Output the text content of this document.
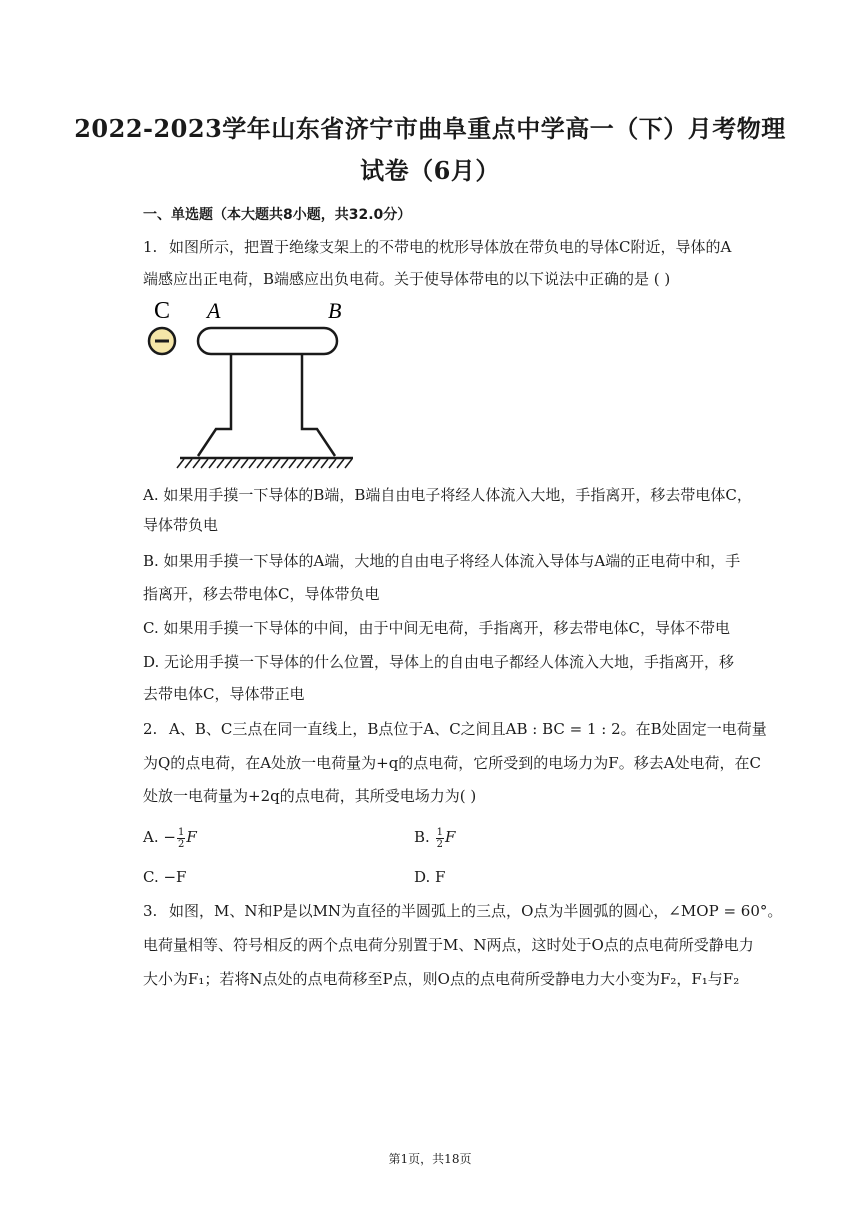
2022-2023学年山东省济宁市曲阜重点中学高一（下）月考物理
试卷（6月）
一、单选题（本大题共8小题，共32.0分）
1. 如图所示，把置于绝缘支架上的不带电的枕形导体放在带负电的导体C附近，导体的A
端感应出正电荷，B端感应出负电荷。关于使导体带电的以下说法中正确的是 ( )
C A	B
A. 如果用手摸一下导体的B端，B端自由电子将经人体流入大地，手指离开，移去带电体C，
导体带负电
B. 如果用手摸一下导体的A端，大地的自由电子将经人体流入导体与A端的正电荷中和，手
指离开，移去带电体C，导体带负电
C. 如果用手摸一下导体的中间，由于中间无电荷，手指离开，移去带电体C，导体不带电
D. 无论用手摸一下导体的什么位置，导体上的自由电子都经人体流入大地，手指离开，移
去带电体C，导体带正电
2. A、B、C三点在同一直线上，B点位于A、C之间且AB : BC = 1 : 2。在B处固定一电荷量
为Q的点电荷，在A处放一电荷量为+q的点电荷，它所受到的电场力为F。移去A处电荷，在C
处放一电荷量为+2q的点电荷，其所受电场力为( )
A. − $\frac{1}{2}$ F	B. $\frac{1}{2}$ F
C. −F	D. F
3. 如图，M、N和P是以MN为直径的半圆弧上的三点，O点为半圆弧的圆心，∠MOP = 60°。
电荷量相等、符号相反的两个点电荷分别置于M、N两点，这时处于O点的点电荷所受静电力
大小为F₁；若将N点处的点电荷移至P点，则O点的点电荷所受静电力大小变为F₂，F₁与F₂
第1页，共18页
